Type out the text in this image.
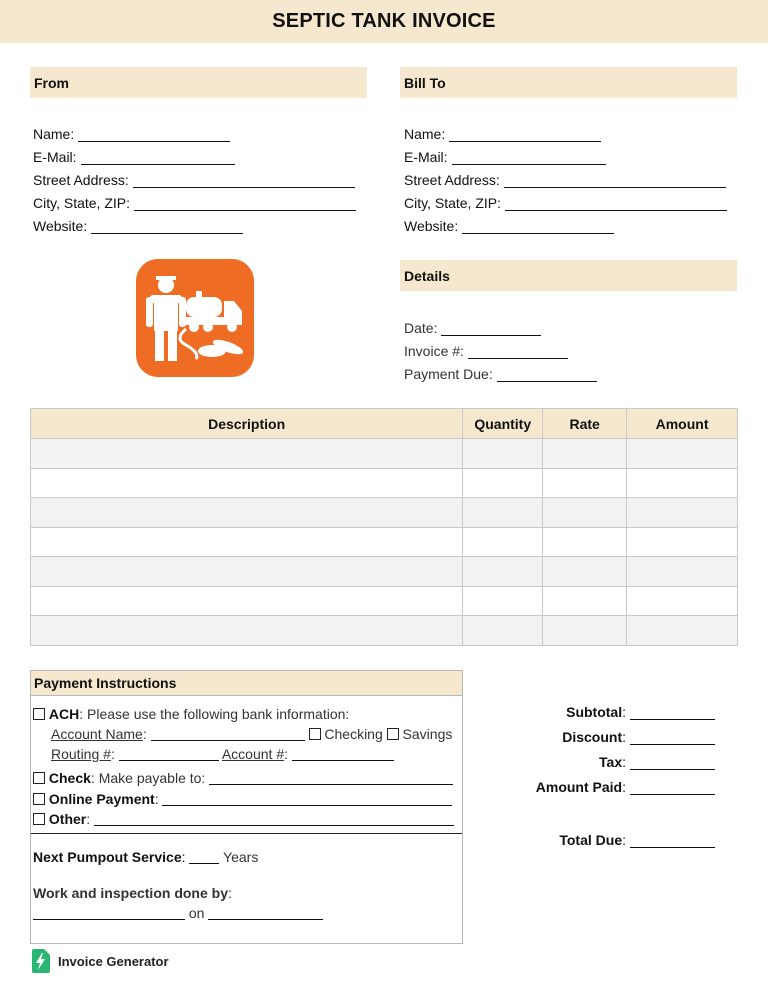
SEPTIC TANK INVOICE
From
Name:
E-Mail:
Street Address:
City, State, ZIP:
Website:
Bill To
Name:
E-Mail:
Street Address:
City, State, ZIP:
Website:
Details
Date:
Invoice #:
Payment Due:
Description	Quantity	Rate	Amount

Payment Instructions
ACH: Please use the following bank information:
Account Name:	Checking Savings
Routing #:	Account #:
Check: Make payable to:
Online Payment:
Other:
Next Pumpout Service:	Years
Work and inspection done by:
on
Subtotal :
Discount :
Tax :
Amount Paid :
Total Due :
Invoice Generator
